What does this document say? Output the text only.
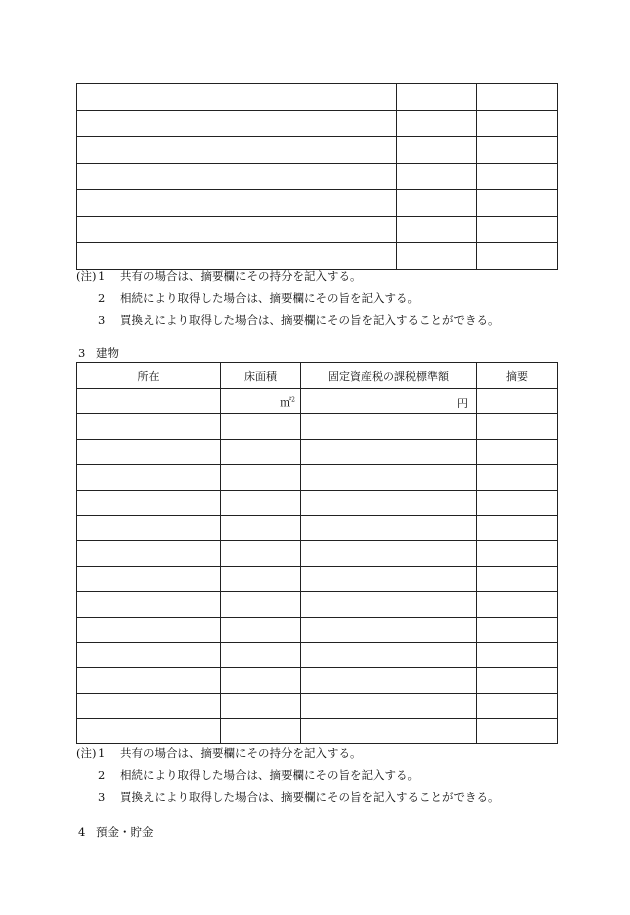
(注) 1	共有の場合は、摘要欄にその持分を記入する。
2	相続により取得した場合は、摘要欄にその旨を記入する。
3	買換えにより取得した場合は、摘要欄にその旨を記入することができる。
3 建物
所在	床面積	固定資産税の課税標準額	摘要
	㎡$^2$	円	

(注) 1	共有の場合は、摘要欄にその持分を記入する。
2	相続により取得した場合は、摘要欄にその旨を記入する。
3	買換えにより取得した場合は、摘要欄にその旨を記入することができる。
4 預金・貯金
